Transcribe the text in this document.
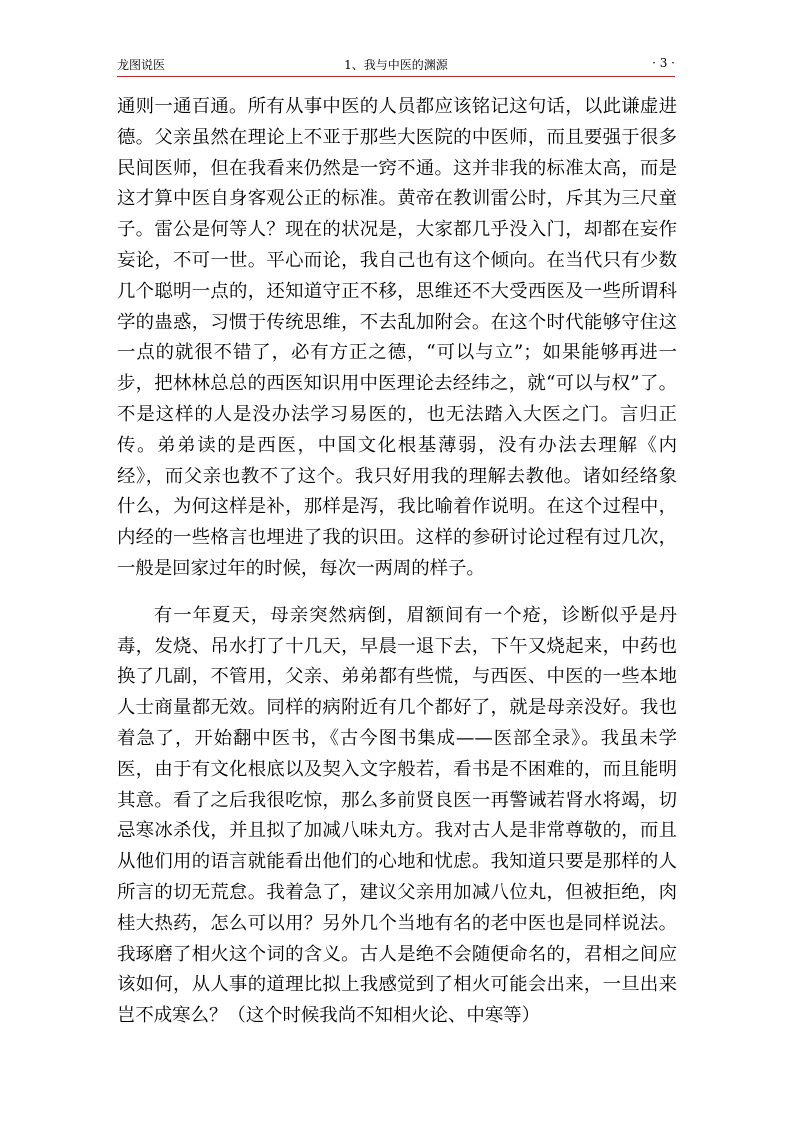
龙图说医	1、我与中医的渊源	· 3 ·

通则一通百通。所有从事中医的人员都应该铭记这句话，以此谦虚进德。父亲虽然在理论上不亚于那些大医院的中医师，而且要强于很多民间医师，但在我看来仍然是一窍不通。这并非我的标准太高，而是这才算中医自身客观公正的标准。黄帝在教训雷公时，斥其为三尺童子。雷公是何等人？现在的状况是，大家都几乎没入门，却都在妄作妄论，不可一世。平心而论，我自己也有这个倾向。在当代只有少数几个聪明一点的，还知道守正不移，思维还不大受西医及一些所谓科学的蛊惑，习惯于传统思维，不去乱加附会。在这个时代能够守住这一点的就很不错了，必有方正之德，“可以与立”；如果能够再进一步，把林林总总的西医知识用中医理论去经纬之，就“可以与权”了。不是这样的人是没办法学习易医的，也无法踏入大医之门。言归正传。弟弟读的是西医，中国文化根基薄弱，没有办法去理解《内经》，而父亲也教不了这个。我只好用我的理解去教他。诸如经络象什么，为何这样是补，那样是泻，我比喻着作说明。在这个过程中，内经的一些格言也埋进了我的识田。这样的参研讨论过程有过几次，一般是回家过年的时候，每次一两周的样子。

有一年夏天，母亲突然病倒，眉额间有一个疮，诊断似乎是丹毒，发烧、吊水打了十几天，早晨一退下去，下午又烧起来，中药也换了几副，不管用，父亲、弟弟都有些慌，与西医、中医的一些本地人士商量都无效。同样的病附近有几个都好了，就是母亲没好。我也着急了，开始翻中医书，《古今图书集成——医部全录》。我虽未学医，由于有文化根底以及契入文字般若，看书是不困难的，而且能明其意。看了之后我很吃惊，那么多前贤良医一再警诫若肾水将竭，切忌寒冰杀伐，并且拟了加减八味丸方。我对古人是非常尊敬的，而且从他们用的语言就能看出他们的心地和忧虑。我知道只要是那样的人所言的切无荒怠。我着急了，建议父亲用加减八位丸，但被拒绝，肉桂大热药，怎么可以用？另外几个当地有名的老中医也是同样说法。我琢磨了相火这个词的含义。古人是绝不会随便命名的，君相之间应该如何，从人事的道理比拟上我感觉到了相火可能会出来，一旦出来岂不成寒么？（这个时候我尚不知相火论、中寒等）
